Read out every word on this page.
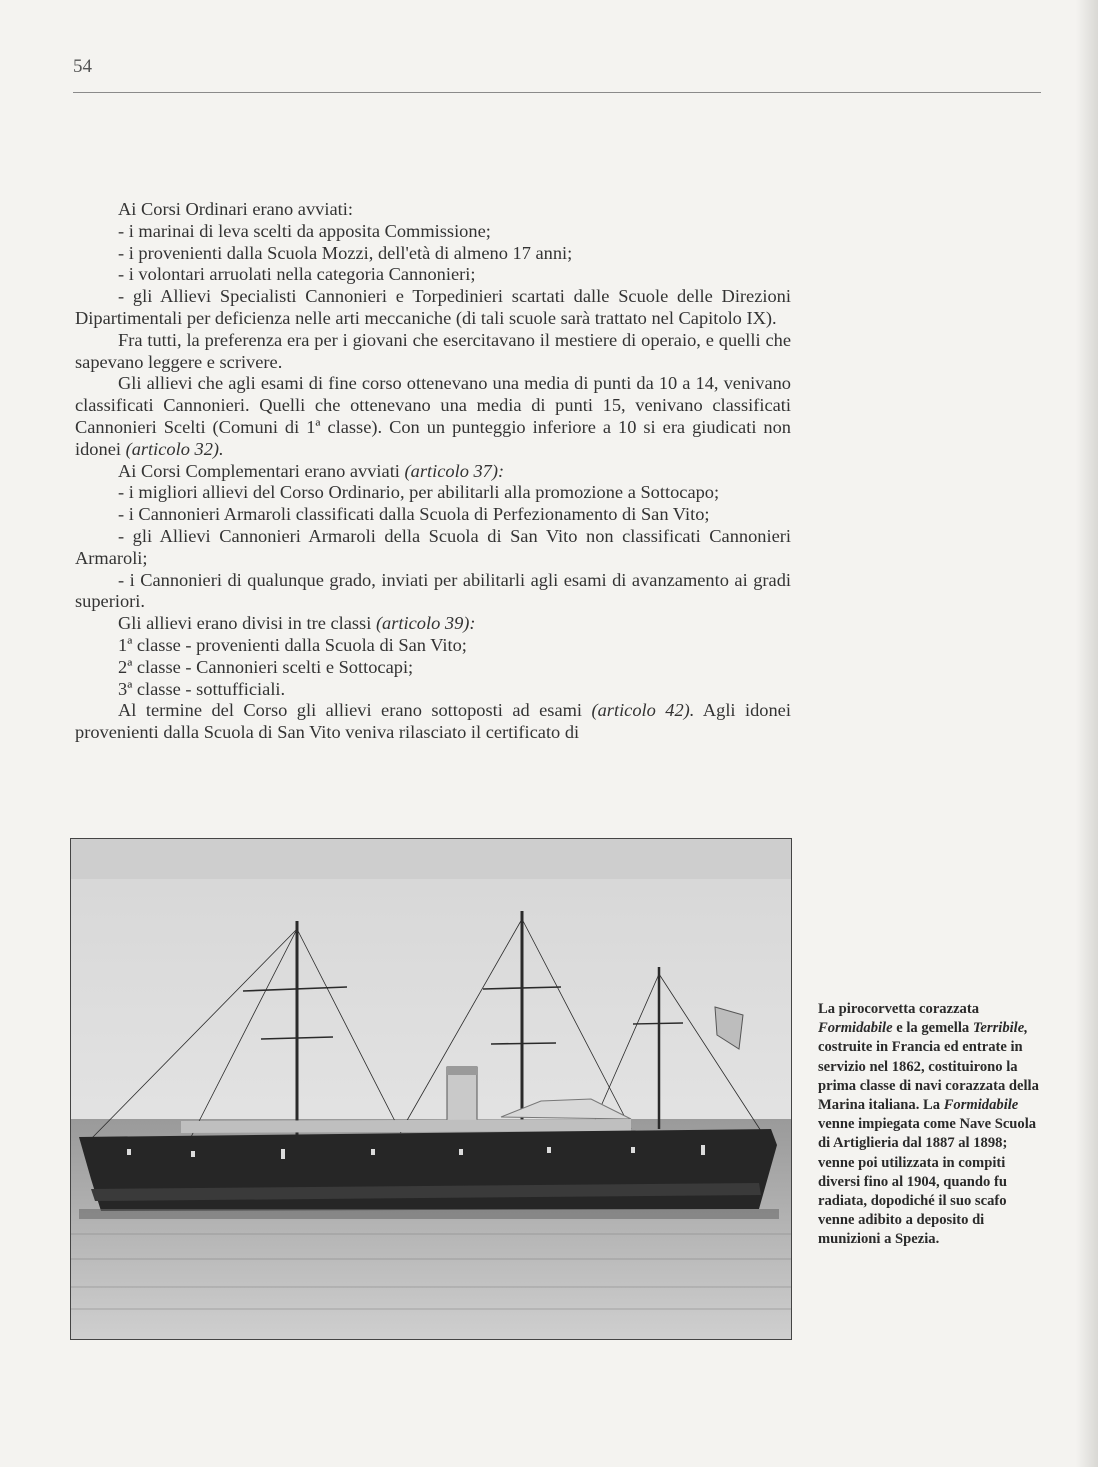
54

Ai Corsi Ordinari erano avviati:

- i marinai di leva scelti da apposita Commissione;

- i provenienti dalla Scuola Mozzi, dell'età di almeno 17 anni;

- i volontari arruolati nella categoria Cannonieri;

- gli Allievi Specialisti Cannonieri e Torpedinieri scartati dalle Scuole delle Direzioni Dipartimentali per deficienza nelle arti meccaniche (di tali scuole sarà trattato nel Capitolo IX).

Fra tutti, la preferenza era per i giovani che esercitavano il mestiere di operaio, e quelli che sapevano leggere e scrivere.

Gli allievi che agli esami di fine corso ottenevano una media di punti da 10 a 14, venivano classificati Cannonieri. Quelli che ottenevano una media di punti 15, venivano classificati Cannonieri Scelti (Comuni di 1ª classe). Con un punteggio inferiore a 10 si era giudicati non idonei (articolo 32).

Ai Corsi Complementari erano avviati (articolo 37):

- i migliori allievi del Corso Ordinario, per abilitarli alla promozione a Sottocapo;

- i Cannonieri Armaroli classificati dalla Scuola di Perfezionamento di San Vito;

- gli Allievi Cannonieri Armaroli della Scuola di San Vito non classificati Cannonieri Armaroli;

- i Cannonieri di qualunque grado, inviati per abilitarli agli esami di avanzamento ai gradi superiori.

Gli allievi erano divisi in tre classi (articolo 39):

1ª classe - provenienti dalla Scuola di San Vito;

2ª classe - Cannonieri scelti e Sottocapi;

3ª classe - sottufficiali.

Al termine del Corso gli allievi erano sottoposti ad esami (articolo 42). Agli idonei provenienti dalla Scuola di San Vito veniva rilasciato il certificato di

La pirocorvetta corazzata Formidabile e la gemella Terribile, costruite in Francia ed entrate in servizio nel 1862, costituirono la prima classe di navi corazzata della Marina italiana. La Formidabile venne impiegata come Nave Scuola di Artiglieria dal 1887 al 1898; venne poi utilizzata in compiti diversi fino al 1904, quando fu radiata, dopodiché il suo scafo venne adibito a deposito di munizioni a Spezia.
